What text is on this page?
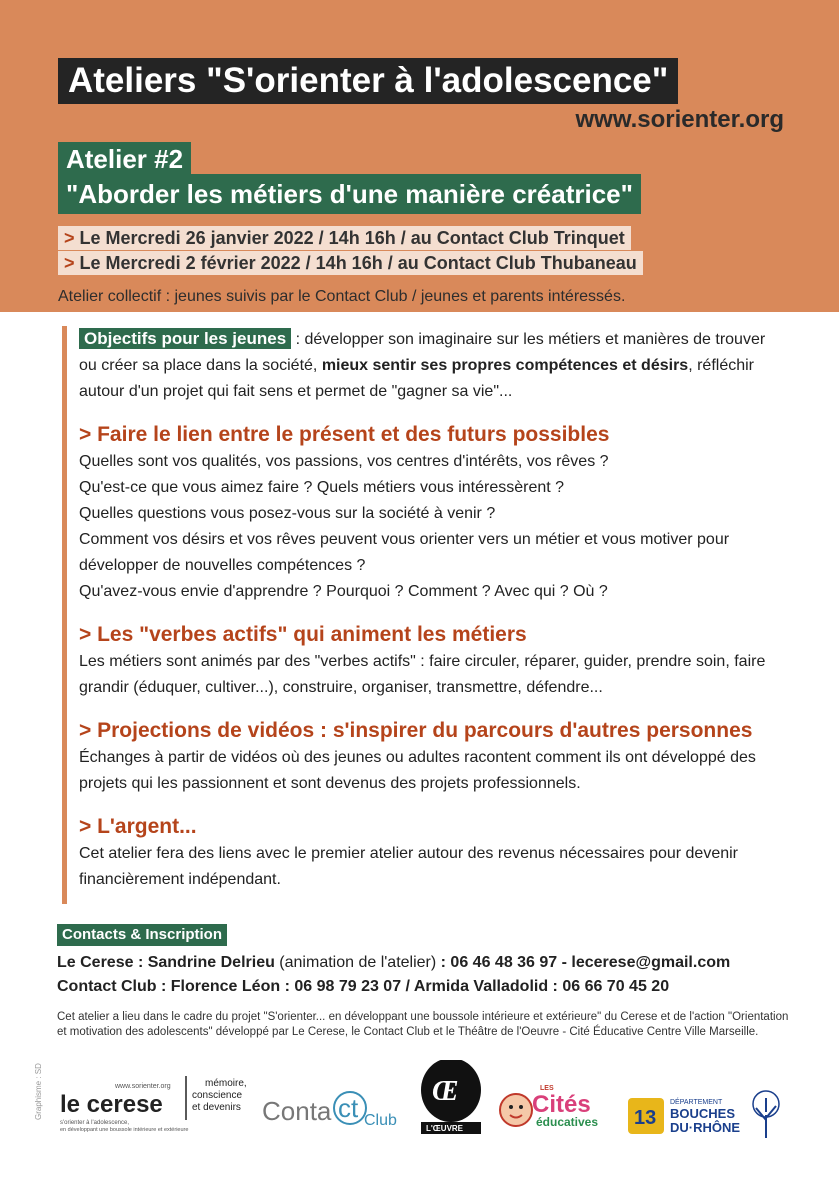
Ateliers "S'orienter à l'adolescence"
www.sorienter.org
Atelier #2
"Aborder les métiers d'une manière créatrice"
> Le Mercredi 26 janvier 2022 / 14h 16h / au Contact Club Trinquet
> Le Mercredi 2 février 2022 / 14h 16h / au Contact Club Thubaneau
Atelier collectif : jeunes suivis par le Contact Club / jeunes et parents intéressés.

Objectifs pour les jeunes : développer son imaginaire sur les métiers et manières de trouver ou créer sa place dans la société, mieux sentir ses propres compétences et désirs, réfléchir autour d'un projet qui fait sens et permet de "gagner sa vie"...

> Faire le lien entre le présent et des futurs possibles

Quelles sont vos qualités, vos passions, vos centres d'intérêts, vos rêves ?

Qu'est-ce que vous aimez faire ? Quels métiers vous intéressèrent ?

Quelles questions vous posez-vous sur la société à venir ?

Comment vos désirs et vos rêves peuvent vous orienter vers un métier et vous motiver pour développer de nouvelles compétences ?

Qu'avez-vous envie d'apprendre ? Pourquoi ? Comment ? Avec qui ? Où ?

> Les "verbes actifs" qui animent les métiers

Les métiers sont animés par des "verbes actifs" : faire circuler, réparer, guider, prendre soin, faire grandir (éduquer, cultiver...), construire, organiser, transmettre, défendre...

> Projections de vidéos : s'inspirer du parcours d'autres personnes

Échanges à partir de vidéos où des jeunes ou adultes racontent comment ils ont développé des projets qui les passionnent et sont devenus des projets professionnels.

> L'argent...

Cet atelier fera des liens avec le premier atelier autour des revenus nécessaires pour devenir financièrement indépendant.

Contacts & Inscription
Le Cerese : Sandrine Delrieu (animation de l'atelier) : 06 46 48 36 97 - lecerese@gmail.com
Contact Club : Florence Léon : 06 98 79 23 07 / Armida Valladolid : 06 66 70 45 20
Cet atelier a lieu dans le cadre du projet "S'orienter... en développant une boussole intérieure et extérieure" du Cerese et de l'action "Orientation et motivation des adolescents" développé par Le Cerese, le Contact Club et le Théâtre de l'Oeuvre - Cité Éducative Centre Ville Marseille.
Graphisme : SD	www.sorienter.org
le cerese
mémoire,
conscience
et devenirs
s'orienter à l'adolescence,
en développant une boussole intérieure et extérieure
Conta ct Club
Œ
L'ŒUVRE
LES
Cités
éducatives 13
DÉPARTEMENT
BOUCHES
DU·RHÔNE
